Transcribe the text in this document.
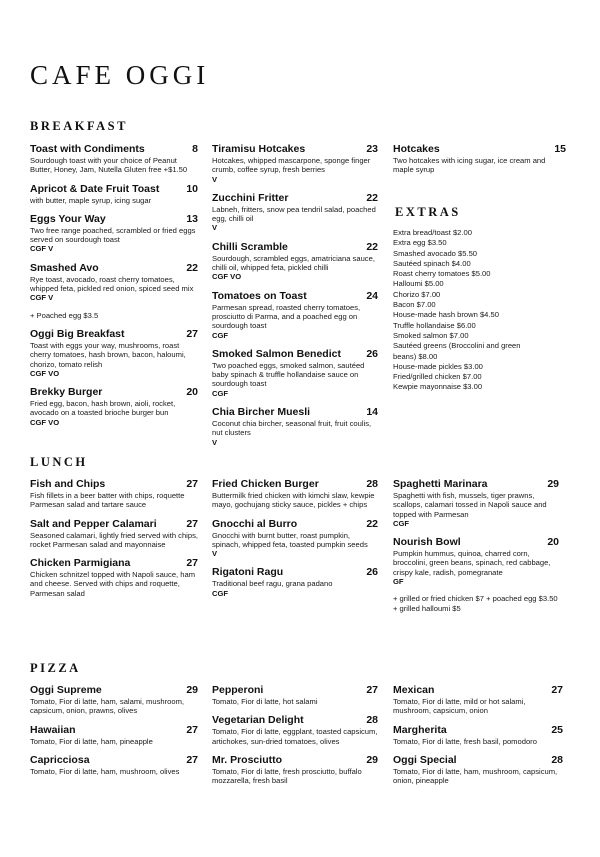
CAFE OGGI
BREAKFAST
Toast with Condiments	8
Sourdough toast with your choice of Peanut Butter, Honey, Jam, Nutella Gluten free +$1.50
Apricot & Date Fruit Toast	10
with butter, maple syrup, icing sugar
Eggs Your Way	13
Two free range poached, scrambled or fried eggs served on sourdough toast
CGF V
Smashed Avo	22
Rye toast, avocado, roast cherry tomatoes, whipped feta, pickled red onion, spiced seed mix
CGF V
+ Poached egg $3.5
Oggi Big Breakfast	27
Toast with eggs your way, mushrooms, roast cherry tomatoes, hash brown, bacon, haloumi, chorizo, tomato relish
CGF VO
Brekky Burger	20
Fried egg, bacon, hash brown, aioli, rocket, avocado on a toasted brioche burger bun
CGF VO
Tiramisu Hotcakes	23
Hotcakes, whipped mascarpone, sponge finger crumb, coffee syrup, fresh berries
V
Zucchini Fritter	22
Labneh, fritters, snow pea tendril salad, poached egg, chilli oil
V
Chilli Scramble	22
Sourdough, scrambled eggs, amatriciana sauce, chilli oil, whipped feta, pickled chilli
CGF VO
Tomatoes on Toast	24
Parmesan spread, roasted cherry tomatoes, prosciutto di Parma, and a poached egg on sourdough toast
CGF
Smoked Salmon Benedict	26
Two poached eggs, smoked salmon, sautéed baby spinach & truffle hollandaise sauce on sourdough toast
CGF
Chia Bircher Muesli	14
Coconut chia bircher, seasonal fruit, fruit coulis, nut clusters
V
Hotcakes	15
Two hotcakes with icing sugar, ice cream and maple syrup
EXTRAS
Extra bread/toast $2.00
Extra egg $3.50
Smashed avocado $5.50
Sautéed spinach $4.00
Roast cherry tomatoes $5.00
Halloumi $5.00
Chorizo $7.00
Bacon $7.00
House-made hash brown $4.50
Truffle hollandaise $6.00
Smoked salmon $7.00
Sautéed greens (Broccolini and green beans) $8.00
House-made pickles $3.00
Fried/grilled chicken $7.00
Kewpie mayonnaise $3.00
LUNCH
Fish and Chips	27
Fish fillets in a beer batter with chips, roquette Parmesan salad and tartare sauce
Salt and Pepper Calamari	27
Seasoned calamari, lightly fried served with chips, rocket Parmesan salad and mayonnaise
Chicken Parmigiana	27
Chicken schnitzel topped with Napoli sauce, ham and cheese. Served with chips and roquette, Parmesan salad
Fried Chicken Burger	28
Buttermilk fried chicken with kimchi slaw, kewpie mayo, gochujang sticky sauce, pickles + chips
Gnocchi al Burro	22
Gnocchi with burnt butter, roast pumpkin, spinach, whipped feta, toasted pumpkin seeds
V
Rigatoni Ragu	26
Traditional beef ragu, grana padano
CGF
Spaghetti Marinara	29
Spaghetti with fish, mussels, tiger prawns, scallops, calamari tossed in Napoli sauce and topped with Parmesan
CGF
Nourish Bowl	20
Pumpkin hummus, quinoa, charred corn, broccolini, green beans, spinach, red cabbage, crispy kale, radish, pomegranate
GF
+ grilled or fried chicken $7 + poached egg $3.50 + grilled halloumi $5
PIZZA
Oggi Supreme	29
Tomato, Fior di latte, ham, salami, mushroom, capsicum, onion, prawns, olives
Hawaiian	27
Tomato, Fior di latte, ham, pineapple
Capricciosa	27
Tomato, Fior di latte, ham, mushroom, olives
Pepperoni	27
Tomato, Fior di latte, hot salami
Vegetarian Delight	28
Tomato, Fior di latte, eggplant, toasted capsicum, artichokes, sun-dried tomatoes, olives
Mr. Prosciutto	29
Tomato, Fior di latte, fresh prosciutto, buffalo mozzarella, fresh basil
Mexican	27
Tomato, Fior di latte, mild or hot salami, mushroom, capsicum, onion
Margherita	25
Tomato, Fior di latte, fresh basil, pomodoro
Oggi Special	28
Tomato, Fior di latte, ham, mushroom, capsicum, onion, pineapple
